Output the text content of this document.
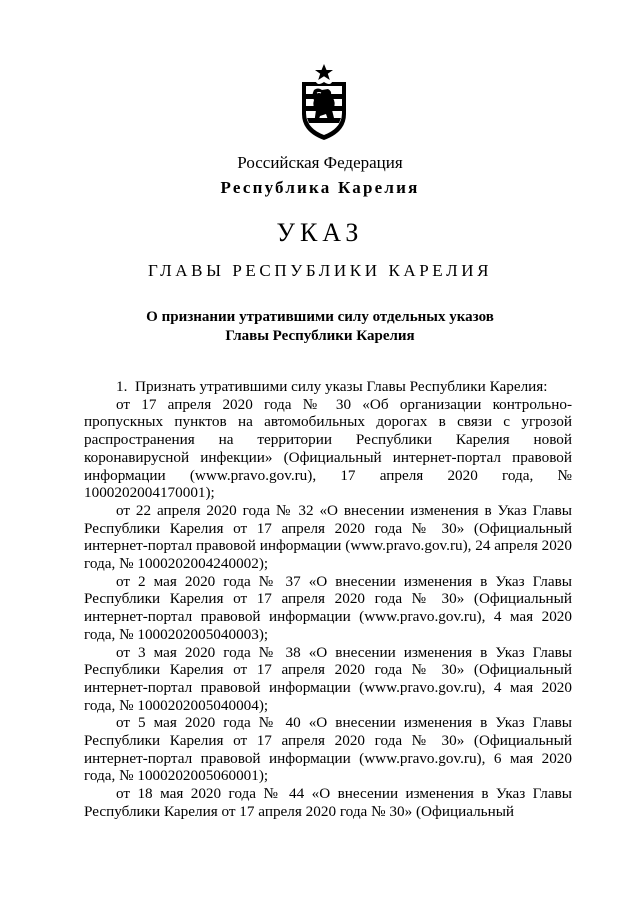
Российская Федерация
Республика Карелия
УКАЗ
ГЛАВЫ РЕСПУБЛИКИ КАРЕЛИЯ
О признании утратившими силу отдельных указов
Главы Республики Карелия

1.  Признать утратившими силу указы Главы Республики Карелия:

от 17 апреля 2020 года № 30 «Об организации контрольно-пропускных пунктов на автомобильных дорогах в связи с угрозой распространения на территории Республики Карелия новой коронавирусной инфекции» (Официальный интернет-портал правовой информации (www.pravo.gov.ru), 17 апреля 2020 года, № 1000202004170001);

от 22 апреля 2020 года № 32 «О внесении изменения в Указ Главы Республики Карелия от 17 апреля 2020 года № 30» (Официальный интернет-портал правовой информации (www.pravo.gov.ru), 24 апреля 2020 года, № 1000202004240002);

от 2 мая 2020 года № 37 «О внесении изменения в Указ Главы Республики Карелия от 17 апреля 2020 года № 30» (Официальный интернет-портал правовой информации (www.pravo.gov.ru), 4 мая 2020 года, № 1000202005040003);

от 3 мая 2020 года № 38 «О внесении изменения в Указ Главы Республики Карелия от 17 апреля 2020 года № 30» (Официальный интернет-портал правовой информации (www.pravo.gov.ru), 4 мая 2020 года, № 1000202005040004);

от 5 мая 2020 года № 40 «О внесении изменения в Указ Главы Республики Карелия от 17 апреля 2020 года № 30» (Официальный интернет-портал правовой информации (www.pravo.gov.ru), 6 мая 2020 года, № 1000202005060001);

от 18 мая 2020 года № 44 «О внесении изменения в Указ Главы Республики Карелия от 17 апреля 2020 года № 30» (Официальный
